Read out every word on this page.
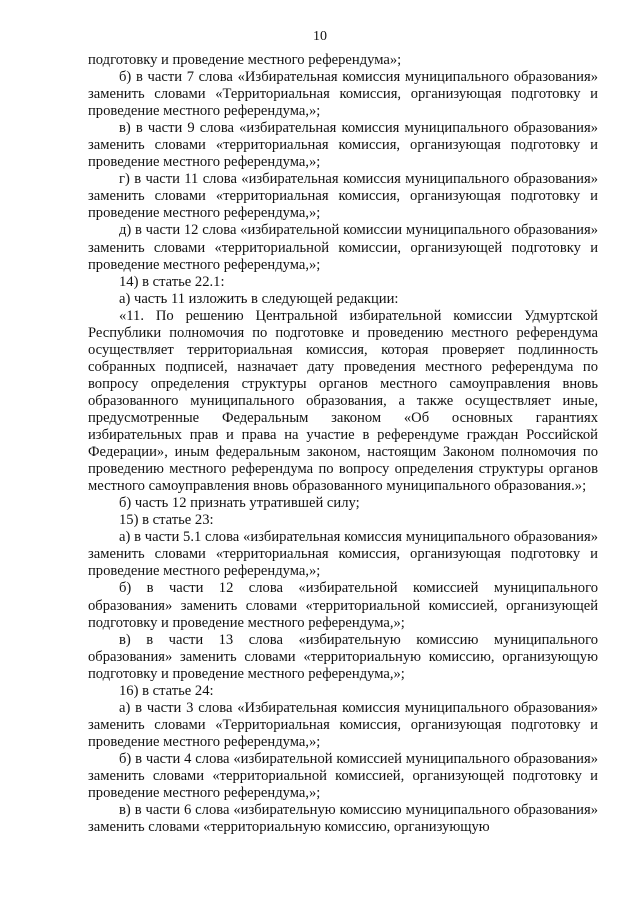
10

подготовку и проведение местного референдума»;

б) в части 7 слова «Избирательная комиссия муниципального образования» заменить словами «Территориальная комиссия, организующая подготовку и проведение местного референдума,»;

в) в части 9 слова «избирательная комиссия муниципального образования» заменить словами «территориальная комиссия, организующая подготовку и проведение местного референдума,»;

г) в части 11 слова «избирательная комиссия муниципального образования» заменить словами «территориальная комиссия, организующая подготовку и проведение местного референдума,»;

д) в части 12 слова «избирательной комиссии муниципального образования» заменить словами «территориальной комиссии, организующей подготовку и проведение местного референдума,»;

14) в статье 22.1:

а) часть 11 изложить в следующей редакции:

«11. По решению Центральной избирательной комиссии Удмуртской Республики полномочия по подготовке и проведению местного референдума осуществляет территориальная комиссия, которая проверяет подлинность собранных подписей, назначает дату проведения местного референдума по вопросу определения структуры органов местного самоуправления вновь образованного муниципального образования, а также осуществляет иные, предусмотренные Федеральным законом «Об основных гарантиях избирательных прав и права на участие в референдуме граждан Российской Федерации», иным федеральным законом, настоящим Законом полномочия по проведению местного референдума по вопросу определения структуры органов местного самоуправления вновь образованного муниципального образования.»;

б) часть 12 признать утратившей силу;

15) в статье 23:

а) в части 5.1 слова «избирательная комиссия муниципального образования» заменить словами «территориальная комиссия, организующая подготовку и проведение местного референдума,»;

б) в части 12 слова «избирательной комиссией муниципального образования» заменить словами «территориальной комиссией, организующей подготовку и проведение местного референдума,»;

в) в части 13 слова «избирательную комиссию муниципального образования» заменить словами «территориальную комиссию, организующую подготовку и проведение местного референдума,»;

16) в статье 24:

а) в части 3 слова «Избирательная комиссия муниципального образования» заменить словами «Территориальная комиссия, организующая подготовку и проведение местного референдума,»;

б) в части 4 слова «избирательной комиссией муниципального образования» заменить словами «территориальной комиссией, организующей подготовку и проведение местного референдума,»;

в) в части 6 слова «избирательную комиссию муниципального образования» заменить словами «территориальную комиссию, организующую
